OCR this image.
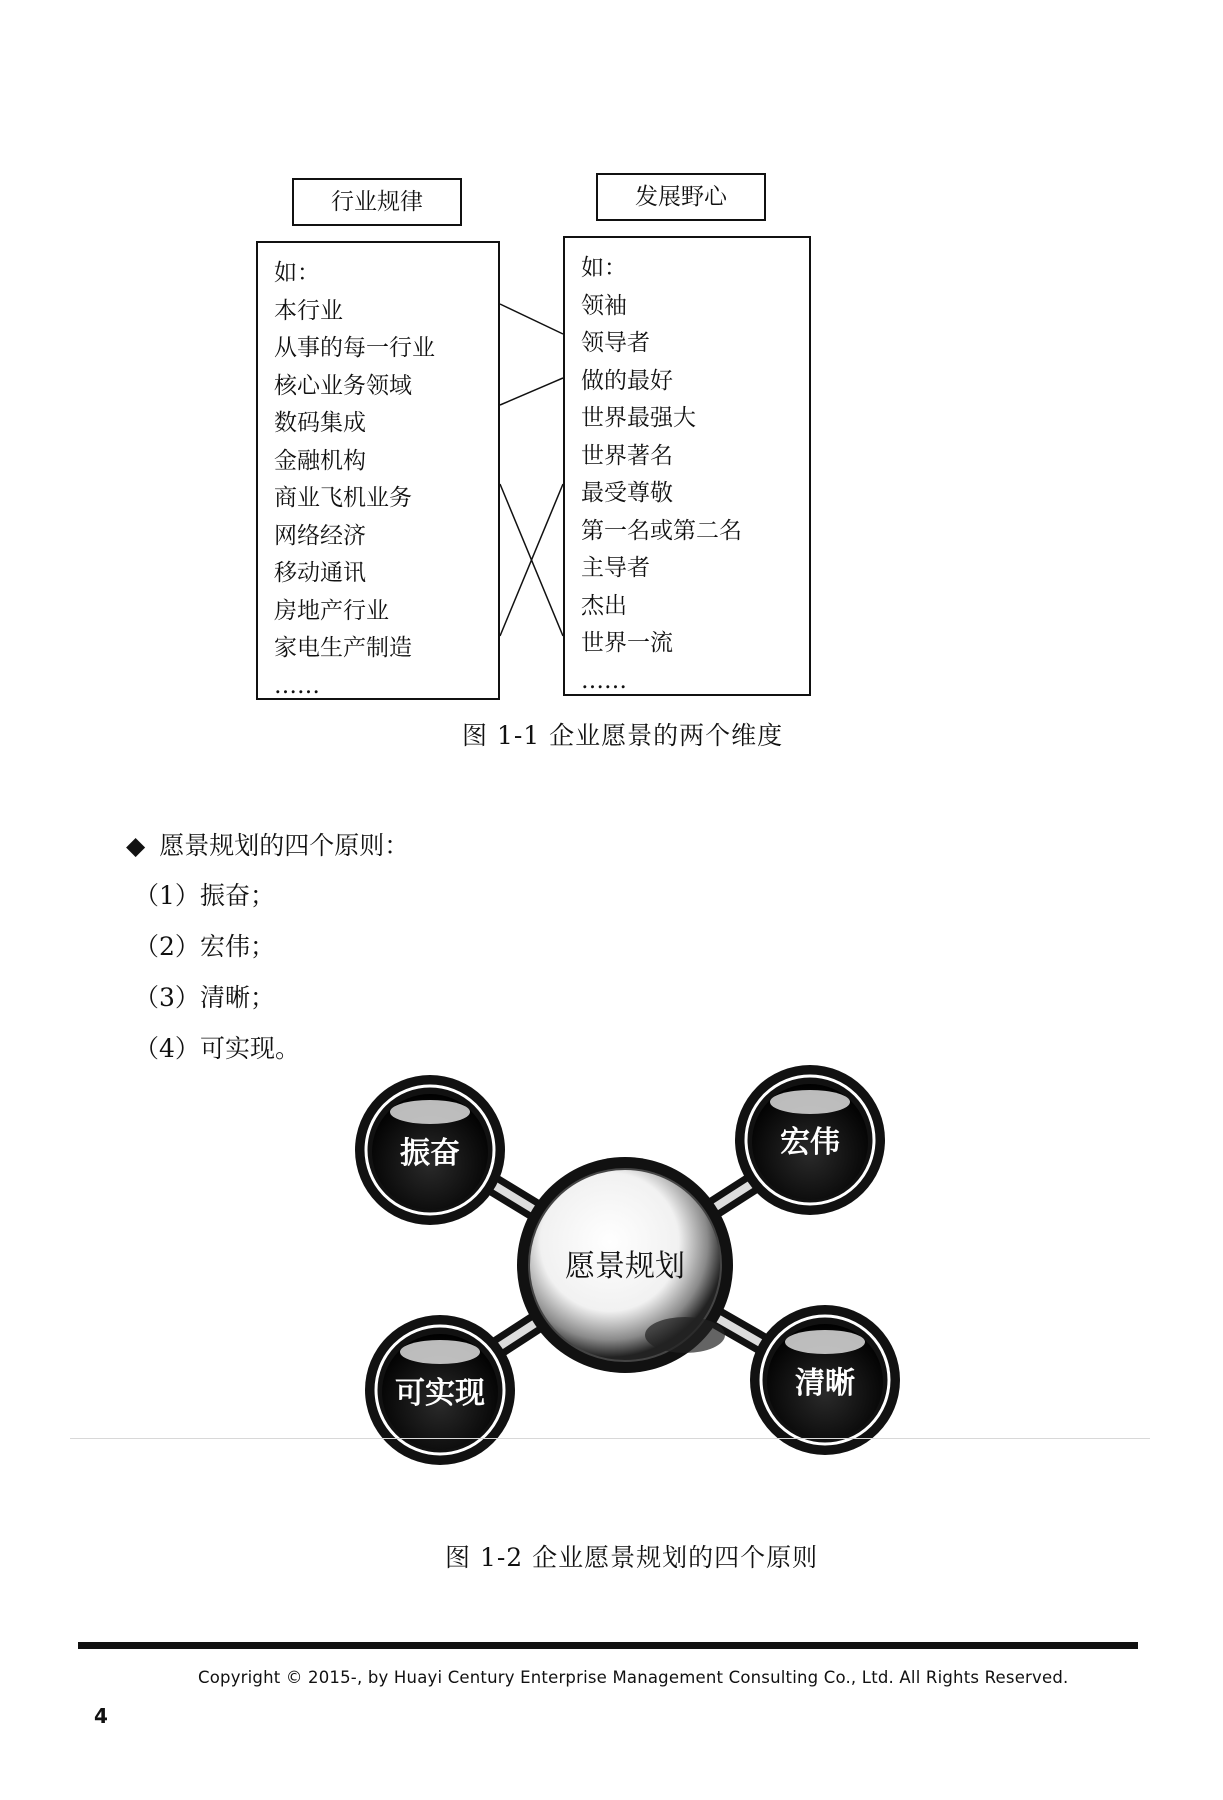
行业规律	发展野心
如：
本行业
从事的每一行业
核心业务领域
数码集成
金融机构
商业飞机业务
网络经济
移动通讯
房地产行业
家电生产制造
……
如：
领袖
领导者
做的最好
世界最强大
世界著名
最受尊敬
第一名或第二名
主导者
杰出
世界一流
……
图 1-1 企业愿景的两个维度
◆ 愿景规划的四个原则：
（1）振奋；
（2）宏伟；
（3）清晰；
（4）可实现。
振奋	宏伟
可实现	清晰
愿景规划
图 1-2 企业愿景规划的四个原则
Copyright © 2015-, by Huayi Century Enterprise Management Consulting Co., Ltd. All Rights Reserved.
4
